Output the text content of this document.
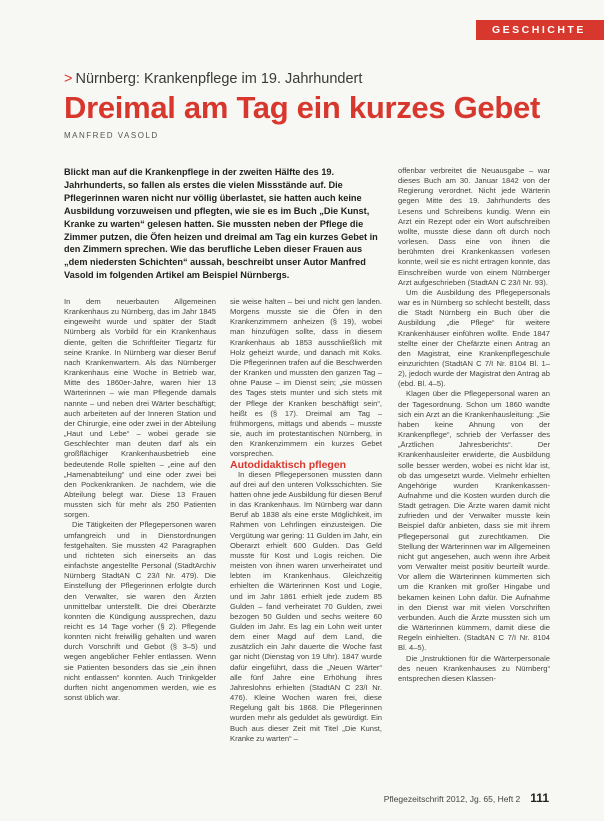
GESCHICHTE
> Nürnberg: Krankenpflege im 19. Jahrhundert
Dreimal am Tag ein kurzes Gebet
MANFRED VASOLD

Blickt man auf die Krankenpflege in der zweiten Hälfte des 19. Jahrhunderts, so fallen als erstes die vielen Missstände auf. Die Pflegerinnen waren nicht nur völlig überlastet, sie hatten auch keine Ausbildung vorzuweisen und pflegten, wie sie es im Buch „Die Kunst, Kranke zu warten“ gelesen hatten. Sie mussten neben der Pflege die Zimmer putzen, die Öfen heizen und dreimal am Tag ein kurzes Gebet in den Zimmern sprechen. Wie das berufliche Leben dieser Frauen aus „dem niedersten Schichten“ aussah, beschreibt unser Autor Manfred Vasold im folgenden Artikel am Beispiel Nürnbergs.

In dem neuerbauten Allgemeinen Krankenhaus zu Nürnberg, das im Jahr 1845 eingeweiht wurde und später der Stadt Nürnberg als Vorbild für ein Krankenhaus diente, gelten die Schriftleiter Tiegartz für seine Kranke. In Nürnberg war dieser Beruf nach Krankenwartern. Als das Nürnberger Krankenhaus eine Woche in Betrieb war, Mitte des 1860er-Jahre, waren hier 13 Wärterinnen – wie man Pflegende damals nannte – und neben drei Wärter beschäftigt; auch arbeiteten auf der Inneren Station und der Chirurgie, eine oder zwei in der Abteilung „Haut und Lebe“ – wobei gerade sie Geschlechter man deuten darf als ein großflächiger Krankenhausbetrieb eine bedeutende Rolle spielten – „eine auf den „Hamenabteilung“ und eine oder zwei bei den Pockenkranken. Je nachdem, wie die Abteilung belegt war. Diese 13 Frauen mussten sich für mehr als 250 Patienten sorgen.

Die Tätigkeiten der Pflegepersonen waren umfangreich und in Dienstordnungen festgehalten. Sie mussten 42 Paragraphen und richteten sich einerseits an das einfachste angestellte Personal (StadtArchiv Nürnberg StadtAN C 23/I Nr. 479). Die Einstellung der Pflegerinnen erfolgte durch den Verwalter, sie waren den Ärzten unmittelbar unterstellt. Die drei Oberärzte konnten die Kündigung aussprechen, dazu reicht es 14 Tage vorher (§ 2). Pflegende konnten nicht freiwillig gehalten und waren durch Vorschrift und Gebot (§ 3–5) und wegen angeblicher Fehler entlassen. Wenn sie Patienten besonders das sie „ein ihnen nicht entlassen“ konnten. Auch Trinkgelder durften nicht angenommen werden, wie es sonst üblich war.

sie weise halten – bei und nicht gen landen. Morgens musste sie die Öfen in den Krankenzimmern anheizen (§ 19), wobei man hinzufügen sollte, dass in diesem Krankenhaus ab 1853 ausschließlich mit Holz geheizt wurde, und danach mit Koks. Die Pflegerinnen trafen auf die Beschwerden der Kranken und mussten den ganzen Tag – ohne Pause – im Dienst sein; „sie müssen des Tages stets munter und sich stets mit der Pflege der Kranken beschäftigt sein“, heißt es (§ 17). Dreimal am Tag – frühmorgens, mittags und abends – musste sie, auch im protestantischen Nürnberg, in den Krankenzimmern ein kurzes Gebet vorsprechen.

Autodidaktisch pflegen

In diesen Pflegepersonen mussten dann auf drei auf den unteren Volksschichten. Sie hatten ohne jede Ausbildung für diesen Beruf in das Krankenhaus. Im Nürnberg war dann Beruf ab 1838 als eine erste Möglichkeit, im Rahmen von Lehrlingen einzusteigen. Die Vergütung war gering: 11 Gulden im Jahr, ein Oberarzt erhielt 600 Gulden. Das Geld musste für Kost und Logis reichen. Die meisten von ihnen waren unverheiratet und lebten im Krankenhaus. Gleichzeitig erhielten die Wärterinnen Kost und Logie, und im Jahr 1861 erhielt jede zudem 85 Gulden – fand verheiratet 70 Gulden, zwei bezogen 50 Gulden und sechs weitere 60 Gulden im Jahr. Es lag ein Lohn weit unter dem einer Magd auf dem Land, die zusätzlich ein Jahr dauerte die Woche fast gar nicht (Dienstag von 19 Uhr). 1847 wurde dafür eingeführt, dass die „Neuen Wärter“ alle fünf Jahre eine Erhöhung ihres Jahreslohns erhielten (StadtAN C 23/I Nr. 476). Kleine Wochen waren frei, diese Regelung galt bis 1868. Die Pflegerinnen wurden mehr als geduldet als gewürdigt. Ein Buch aus dieser Zeit mit Titel „Die Kunst, Kranke zu warten“ –

offenbar verbreitet die Neuausgabe – war dieses Buch am 30. Januar 1842 von der Regierung verordnet. Nicht jede Wärterin gegen Mitte des 19. Jahrhunderts des Lesens und Schreibens kundig. Wenn ein Arzt ein Rezept oder ein Wort aufschreiben wollte, musste diese dann oft durch noch vorlesen. Dass eine von ihnen die berühmten drei Krankenkassen vorlesen konnte, weil sie es nicht ertragen konnte, das Einschreiben wurde von einem Nürnberger Arzt aufgeschrieben (StadtAN C 23/I Nr. 93).

Um die Ausbildung des Pflegepersonals war es in Nürnberg so schlecht bestellt, dass die Stadt Nürnberg ein Buch über die Ausbildung „die Pflege“ für weitere Krankenhäuser einführen wollte. Ende 1847 stellte einer der Chefärzte einen Antrag an den Magistrat, eine Krankenpflegeschule einzurichten (StadtAN C 7/I Nr. 8104 Bl. 1–2), jedoch wurde der Magistrat den Antrag ab (ebd. Bl. 4–5).

Klagen über die Pflegepersonal waren an der Tagesordnung. Schon um 1860 wandte sich ein Arzt an die Krankenhausleitung: „Sie haben keine Ahnung von der Krankenpflege“, schrieb der Verfasser des „Ärztlichen Jahresberichts“. Der Krankenhausleiter erwiderte, die Ausbildung solle besser werden, wobei es nicht klar ist, ob das umgesetzt wurde. Vielmehr erhielten Angehörige wurden Krankenkassen-Aufnahme und die Kosten wurden durch die Stadt getragen. Die Ärzte waren damit nicht zufrieden und der Verwalter musste kein Beispiel dafür anbieten, dass sie mit ihrem Pflegepersonal gut zurechtkamen. Die Stellung der Wärterinnen war im Allgemeinen nicht gut angesehen, auch wenn ihre Arbeit vom Verwalter meist positiv beurteilt wurde. Vor allem die Wärterinnen kümmerten sich um die Kranken mit großer Hingabe und bekamen keinen Lohn dafür. Die Aufnahme in den Dienst war mit vielen Vorschriften verbunden. Auch die Ärzte mussten sich um die Wärterinnen kümmern, damit diese die Regeln einhielten. (StadtAN C 7/I Nr. 8104 Bl. 4–5).

Die „Instruktionen für die Wärterpersonale des neuen Krankenhauses zu Nürnberg“ entsprechen diesen Klassen-

Pflegezeitschrift 2012, Jg. 65, Heft 2 111
